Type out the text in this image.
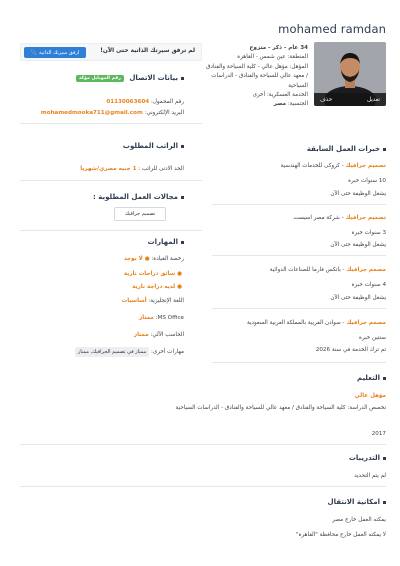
mohamed ramdan
حذف	تعديل
34 عام - ذكر - متزوج
المنطقة: عين شمس - القاهرة
المؤهل: مؤهل عالي - كلية السياحة والفنادق / معهد عالي للسياحة والفنادق - الدراسات السياحية
الخدمة العسكرية: أخرى
الجنسية: مصر
📎 ارفق سيرتك الذاتية	لم ترفق سيرتك الذاتية حتى الآن!
بيانات الاتصال رقم الموبايل مؤكد
رقم المحمول: 01130063604
البريد الإلكتروني: mohamedmooka711@gmail.com
الراتب المطلوب
الحد الادنى للراتب : 1 جنيه مصري/شهريا
مجالات العمل المطلوبة :
تصميم جرافيك
المهارات
رخصة القيادة: ● لا يوجد
● سائق دراجات نارية
● لديه دراجة نارية
اللغة الإنجليزية: أساسيات
MS Office: ممتاز
الحاسب الآلي: ممتاز
مهارات أخرى: ممتاز في تصميم الجرافيك, ممتاز
خبرات العمل السابقة
تصميم جرافيك - كروكى للخدمات الهندسية
10 سنوات خبرة
يشغل الوظيفة حتى الآن
تصميم جرافيك - شركة مصر اسيست
3 سنوات خبرة
يشغل الوظيفة حتى الآن
مصمم جرافيك - باتكس فارما للصناعات الدوائية
4 سنوات خبرة
يشغل الوظيفة حتى الآن
مصمم جرافيك - سوادن الفريبة بالمملكة العربية السعودية
سنتين خبرة
تم ترك الخدمة في سنة 2026
التعليم
مؤهل عالي
تخصص الدراسة: كلية السياحة والفنادق / معهد عالي للسياحة والفنادق - الدراسات السياحية
2017
التدريبات
لم يتم التحديد
امكانية الانتقال
يمكنه العمل خارج مصر
لا يمكنه العمل خارج محافظة "القاهرة"
